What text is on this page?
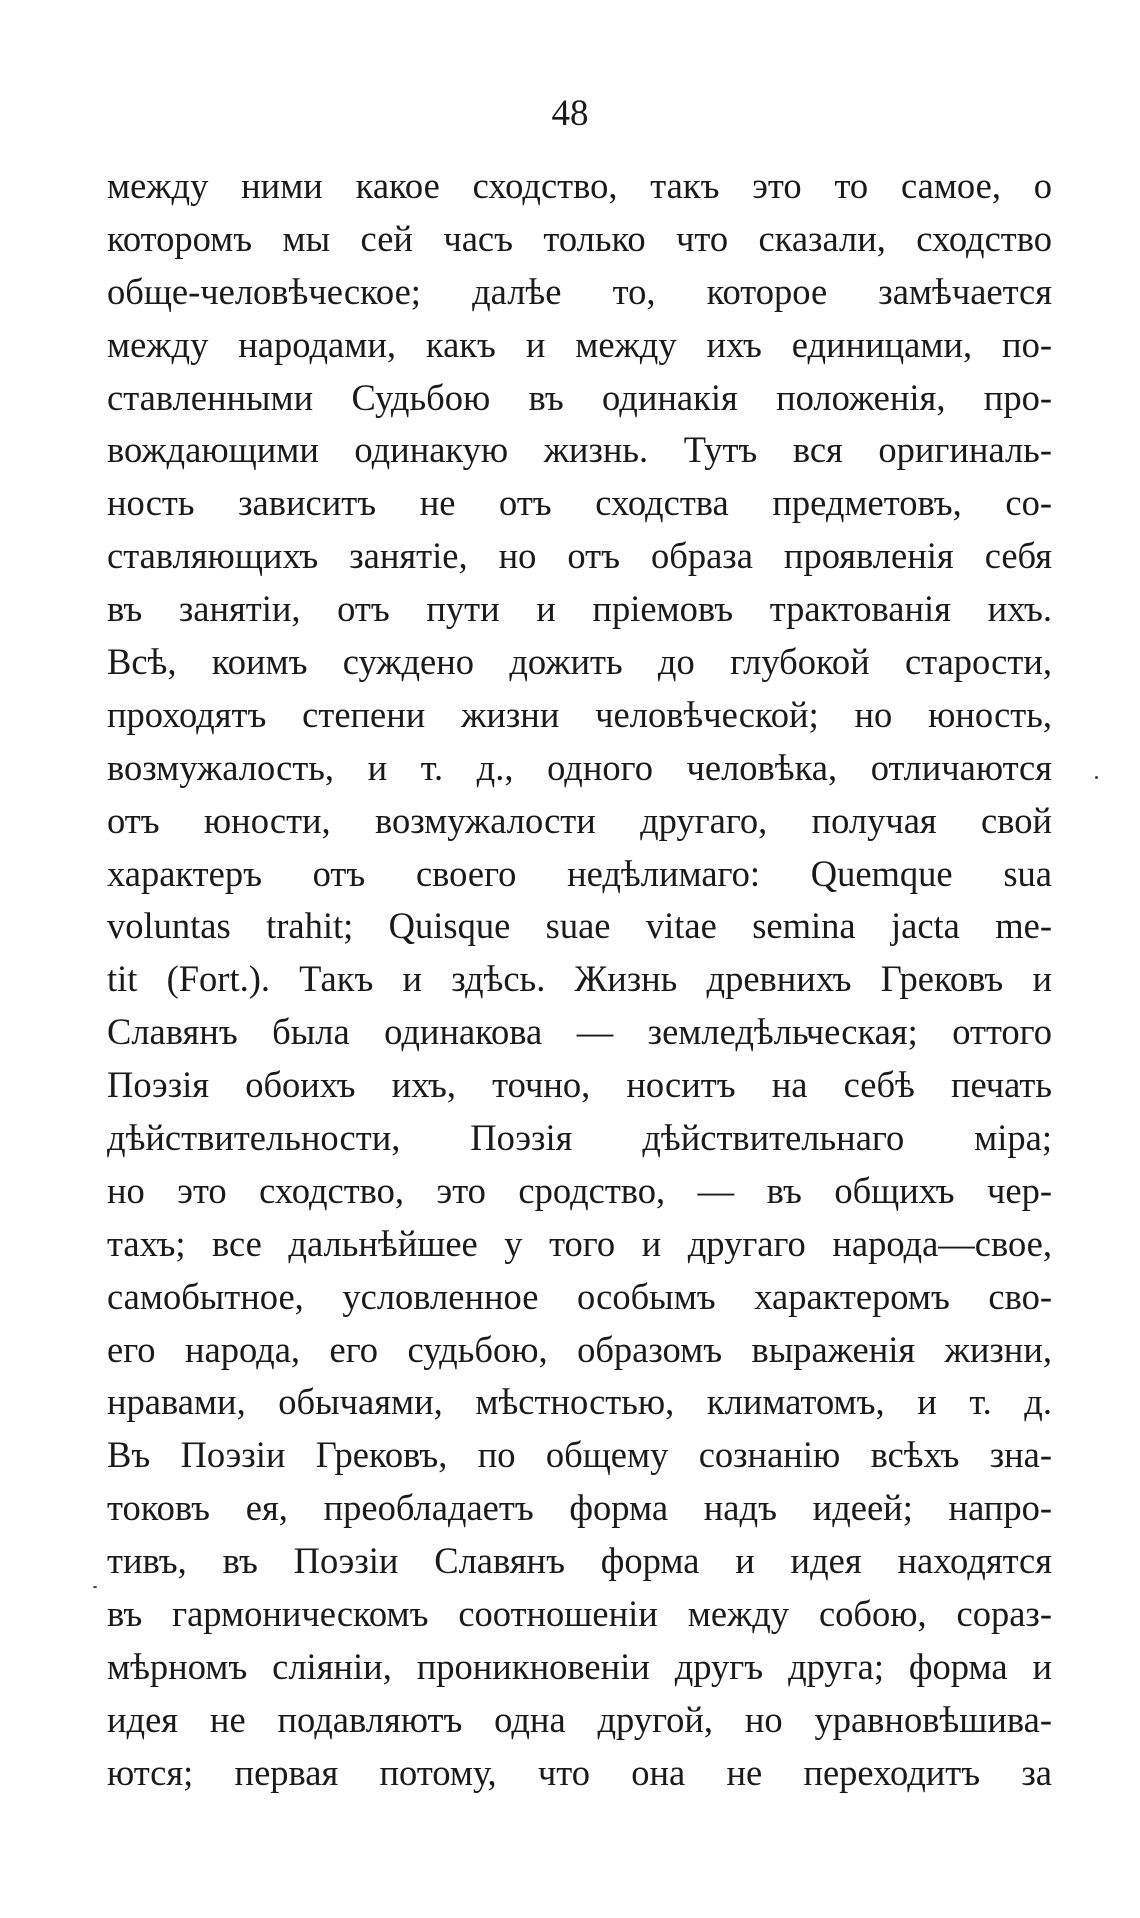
48
между ними какое сходство, такъ это то самое, о
которомъ мы сей часъ только что сказали, сходство
обще-человѣческое; далѣе то, которое замѣчается
между народами, какъ и между ихъ единицами, по-
ставленными Судьбою въ одинакія положенія, про-
вождающими одинакую жизнь. Тутъ вся оригиналь-
ность зависитъ не отъ сходства предметовъ, со-
ставляющихъ занятіе, но отъ образа проявленія себя
въ занятіи, отъ пути и пріемовъ трактованія ихъ.
Всѣ, коимъ суждено дожить до глубокой старости,
проходятъ степени жизни человѣческой; но юность,
возмужалость, и т. д., одного человѣка, отличаются
отъ юности, возмужалости другаго, получая свой
характеръ отъ своего недѣлимаго: Quemque sua
voluntas trahit; Quisque suae vitae semina jacta me-
tit (Fort.). Такъ и здѣсь. Жизнь древнихъ Грековъ и
Славянъ была одинакова — земледѣльческая; оттого
Поэзія обоихъ ихъ, точно, носитъ на себѣ печать
дѣйствительности, Поэзія дѣйствительнаго міра;
но это сходство, это сродство, — въ общихъ чер-
тахъ; все дальнѣйшее у того и другаго народа—свое,
самобытное, условленное особымъ характеромъ сво-
его народа, его судьбою, образомъ выраженія жизни,
нравами, обычаями, мѣстностью, климатомъ, и т. д.
Въ Поэзіи Грековъ, по общему сознанію всѣхъ зна-
токовъ ея, преобладаетъ форма надъ идеей; напро-
тивъ, въ Поэзіи Славянъ форма и идея находятся
въ гармоническомъ соотношеніи между собою, сораз-
мѣрномъ сліяніи, проникновеніи другъ друга; форма и
идея не подавляютъ одна другой, но уравновѣшива-
ются; первая потому, что она не переходитъ за
